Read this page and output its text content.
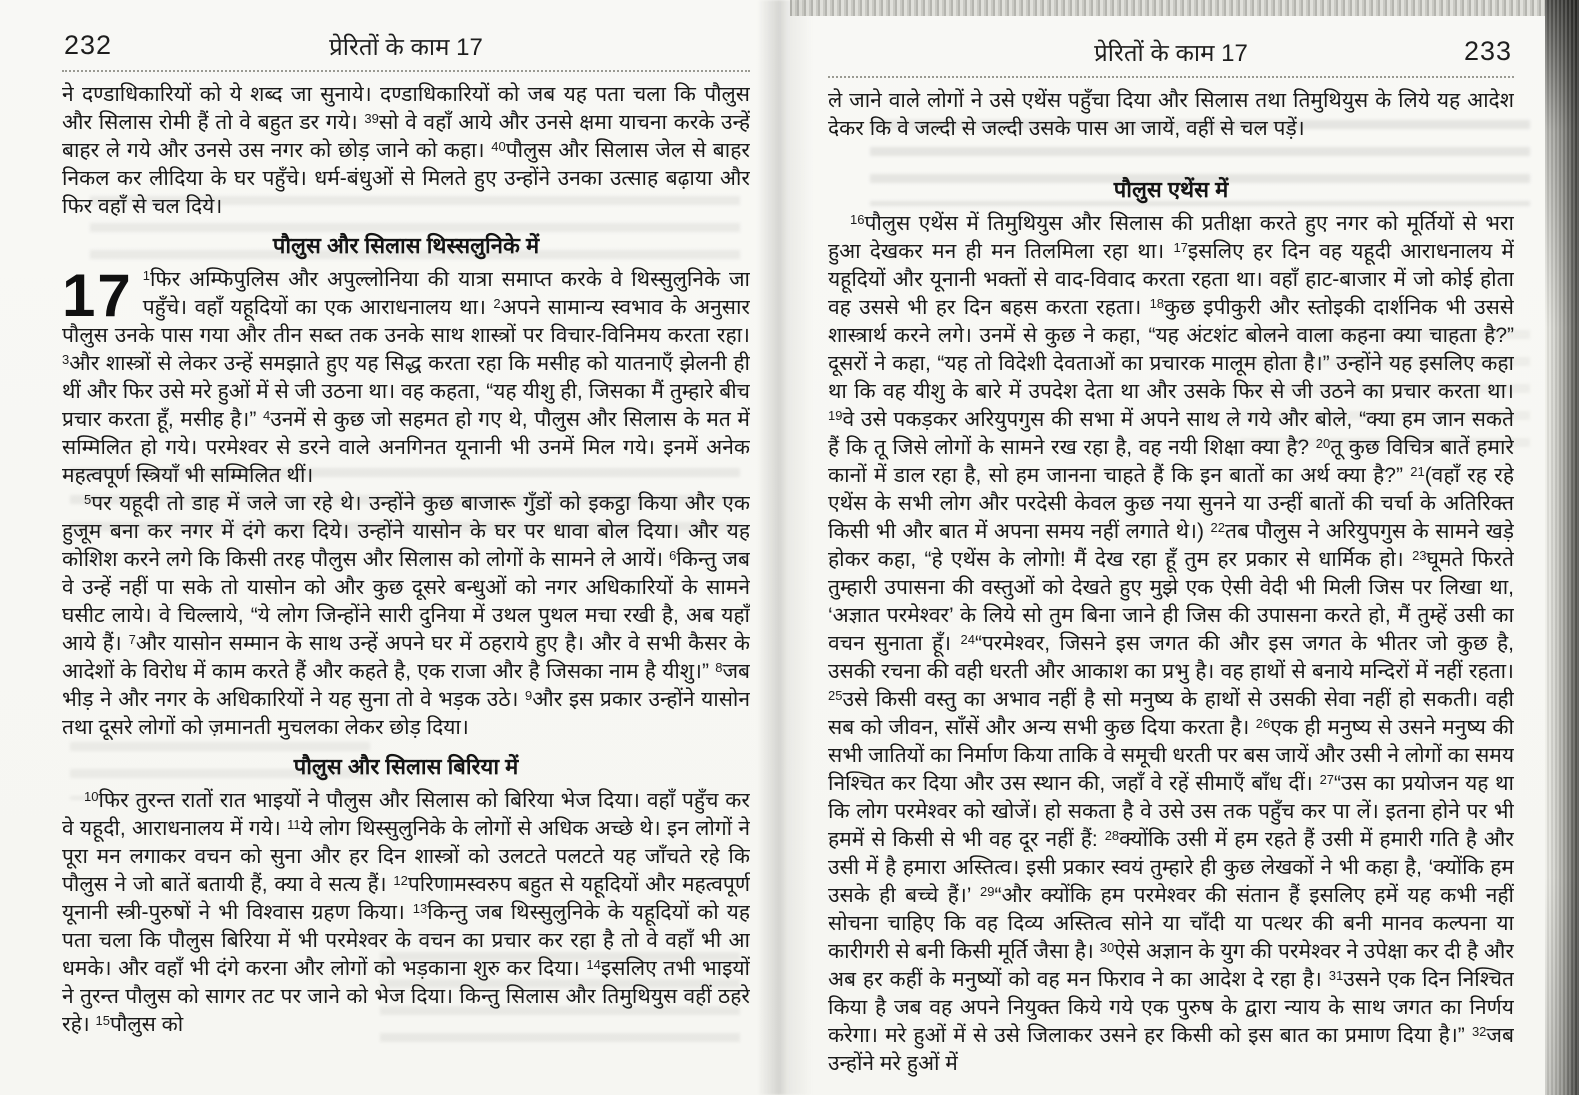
232	प्रेरितों के काम 17

ने दण्डाधिकारियों को ये शब्द जा सुनाये। दण्डाधिकारियों को जब यह पता चला कि पौलुस और सिलास रोमी हैं तो वे बहुत डर गये। $^{39}$सो वे वहाँ आये और उनसे क्षमा याचना करके उन्हें बाहर ले गये और उनसे उस नगर को छोड़ जाने को कहा। $^{40}$पौलुस और सिलास जेल से बाहर निकल कर लीदिया के घर पहुँचे। धर्म-बंधुओं से मिलते हुए उन्होंने उनका उत्साह बढ़ाया और फिर वहाँ से चल दिये।

पौलुस और सिलास थिस्सलुनिके में

17 $^1$फिर अम्फिपुलिस और अपुल्लोनिया की यात्रा समाप्त करके वे थिस्सुलुनिके जा पहुँचे। वहाँ यहूदियों का एक आराधनालय था। $^2$अपने सामान्य स्वभाव के अनुसार पौलुस उनके पास गया और तीन सब्त तक उनके साथ शास्त्रों पर विचार-विनिमय करता रहा। $^3$और शास्त्रों से लेकर उन्हें समझाते हुए यह सिद्ध करता रहा कि मसीह को यातनाएँ झेलनी ही थीं और फिर उसे मरे हुओं में से जी उठना था। वह कहता, “यह यीशु ही, जिसका मैं तुम्हारे बीच प्रचार करता हूँ, मसीह है।” $^4$उनमें से कुछ जो सहमत हो गए थे, पौलुस और सिलास के मत में सम्मिलित हो गये। परमेश्वर से डरने वाले अनगिनत यूनानी भी उनमें मिल गये। इनमें अनेक महत्वपूर्ण स्त्रियाँ भी सम्मिलित थीं।

$^5$पर यहूदी तो डाह में जले जा रहे थे। उन्होंने कुछ बाजारू गुँडों को इकट्ठा किया और एक हुजूम बना कर नगर में दंगे करा दिये। उन्होंने यासोन के घर पर धावा बोल दिया। और यह कोशिश करने लगे कि किसी तरह पौलुस और सिलास को लोगों के सामने ले आयें। $^6$किन्तु जब वे उन्हें नहीं पा सके तो यासोन को और कुछ दूसरे बन्धुओं को नगर अधिकारियों के सामने घसीट लाये। वे चिल्लाये, “ये लोग जिन्होंने सारी दुनिया में उथल पुथल मचा रखी है, अब यहाँ आये हैं। $^7$और यासोन सम्मान के साथ उन्हें अपने घर में ठहराये हुए है। और वे सभी कैसर के आदेशों के विरोध में काम करते हैं और कहते है, एक राजा और है जिसका नाम है यीशु।” $^8$जब भीड़ ने और नगर के अधिकारियों ने यह सुना तो वे भड़क उठे। $^9$और इस प्रकार उन्होंने यासोन तथा दूसरे लोगों को ज़मानती मुचलका लेकर छोड़ दिया।

पौलुस और सिलास बिरिया में

$^{10}$फिर तुरन्त रातों रात भाइयों ने पौलुस और सिलास को बिरिया भेज दिया। वहाँ पहुँच कर वे यहूदी, आराधनालय में गये। $^{11}$ये लोग थिस्सुलुनिके के लोगों से अधिक अच्छे थे। इन लोगों ने पूरा मन लगाकर वचन को सुना और हर दिन शास्त्रों को उलटते पलटते यह जाँचते रहे कि पौलुस ने जो बातें बतायी हैं, क्या वे सत्य हैं। $^{12}$परिणामस्वरुप बहुत से यहूदियों और महत्वपूर्ण यूनानी स्त्री-पुरुषों ने भी विश्वास ग्रहण किया। $^{13}$किन्तु जब थिस्सुलुनिके के यहूदियों को यह पता चला कि पौलुस बिरिया में भी परमेश्वर के वचन का प्रचार कर रहा है तो वे वहाँ भी आ धमके। और वहाँ भी दंगे करना और लोगों को भड़काना शुरु कर दिया। $^{14}$इसलिए तभी भाइयों ने तुरन्त पौलुस को सागर तट पर जाने को भेज दिया। किन्तु सिलास और तिमुथियुस वहीं ठहरे रहे। $^{15}$पौलुस को

प्रेरितों के काम 17	233

ले जाने वाले लोगों ने उसे एथेंस पहुँचा दिया और सिलास तथा तिमुथियुस के लिये यह आदेश देकर कि वे जल्दी से जल्दी उसके पास आ जायें, वहीं से चल पड़ें।

पौलुस एथेंस में

$^{16}$पौलुस एथेंस में तिमुथियुस और सिलास की प्रतीक्षा करते हुए नगर को मूर्तियों से भरा हुआ देखकर मन ही मन तिलमिला रहा था। $^{17}$इसलिए हर दिन वह यहूदी आराधनालय में यहूदियों और यूनानी भक्तों से वाद-विवाद करता रहता था। वहाँ हाट-बाजार में जो कोई होता वह उससे भी हर दिन बहस करता रहता। $^{18}$कुछ इपीकुरी और स्तोइकी दार्शनिक भी उससे शास्त्रार्थ करने लगे। उनमें से कुछ ने कहा, “यह अंटशंट बोलने वाला कहना क्या चाहता है?” दूसरों ने कहा, “यह तो विदेशी देवताओं का प्रचारक मालूम होता है।” उन्होंने यह इसलिए कहा था कि वह यीशु के बारे में उपदेश देता था और उसके फिर से जी उठने का प्रचार करता था। $^{19}$वे उसे पकड़कर अरियुपगुस की सभा में अपने साथ ले गये और बोले, “क्या हम जान सकते हैं कि तू जिसे लोगों के सामने रख रहा है, वह नयी शिक्षा क्या है? $^{20}$तू कुछ विचित्र बातें हमारे कानों में डाल रहा है, सो हम जानना चाहते हैं कि इन बातों का अर्थ क्या है?” $^{21}$(वहाँ रह रहे एथेंस के सभी लोग और परदेसी केवल कुछ नया सुनने या उन्हीं बातों की चर्चा के अतिरिक्त किसी भी और बात में अपना समय नहीं लगाते थे।) $^{22}$तब पौलुस ने अरियुपगुस के सामने खड़े होकर कहा, “हे एथेंस के लोगो! मैं देख रहा हूँ तुम हर प्रकार से धार्मिक हो। $^{23}$घूमते फिरते तुम्हारी उपासना की वस्तुओं को देखते हुए मुझे एक ऐसी वेदी भी मिली जिस पर लिखा था, ‘अज्ञात परमेश्वर’ के लिये सो तुम बिना जाने ही जिस की उपासना करते हो, मैं तुम्हें उसी का वचन सुनाता हूँ। $^{24}$“परमेश्वर, जिसने इस जगत की और इस जगत के भीतर जो कुछ है, उसकी रचना की वही धरती और आकाश का प्रभु है। वह हाथों से बनाये मन्दिरों में नहीं रहता। $^{25}$उसे किसी वस्तु का अभाव नहीं है सो मनुष्य के हाथों से उसकी सेवा नहीं हो सकती। वही सब को जीवन, साँसें और अन्य सभी कुछ दिया करता है। $^{26}$एक ही मनुष्य से उसने मनुष्य की सभी जातियों का निर्माण किया ताकि वे समूची धरती पर बस जायें और उसी ने लोगों का समय निश्चित कर दिया और उस स्थान की, जहाँ वे रहें सीमाएँ बाँध दीं। $^{27}$“उस का प्रयोजन यह था कि लोग परमेश्वर को खोजें। हो सकता है वे उसे उस तक पहुँच कर पा लें। इतना होने पर भी हममें से किसी से भी वह दूर नहीं हैं: $^{28}$क्योंकि उसी में हम रहते हैं उसी में हमारी गति है और उसी में है हमारा अस्तित्व। इसी प्रकार स्वयं तुम्हारे ही कुछ लेखकों ने भी कहा है, ‘क्योंकि हम उसके ही बच्चे हैं।’ $^{29}$“और क्योंकि हम परमेश्वर की संतान हैं इसलिए हमें यह कभी नहीं सोचना चाहिए कि वह दिव्य अस्तित्व सोने या चाँदी या पत्थर की बनी मानव कल्पना या कारीगरी से बनी किसी मूर्ति जैसा है। $^{30}$ऐसे अज्ञान के युग की परमेश्वर ने उपेक्षा कर दी है और अब हर कहीं के मनुष्यों को वह मन फिराव ने का आदेश दे रहा है। $^{31}$उसने एक दिन निश्चित किया है जब वह अपने नियुक्त किये गये एक पुरुष के द्वारा न्याय के साथ जगत का निर्णय करेगा। मरे हुओं में से उसे जिलाकर उसने हर किसी को इस बात का प्रमाण दिया है।” $^{32}$जब उन्होंने मरे हुओं में
